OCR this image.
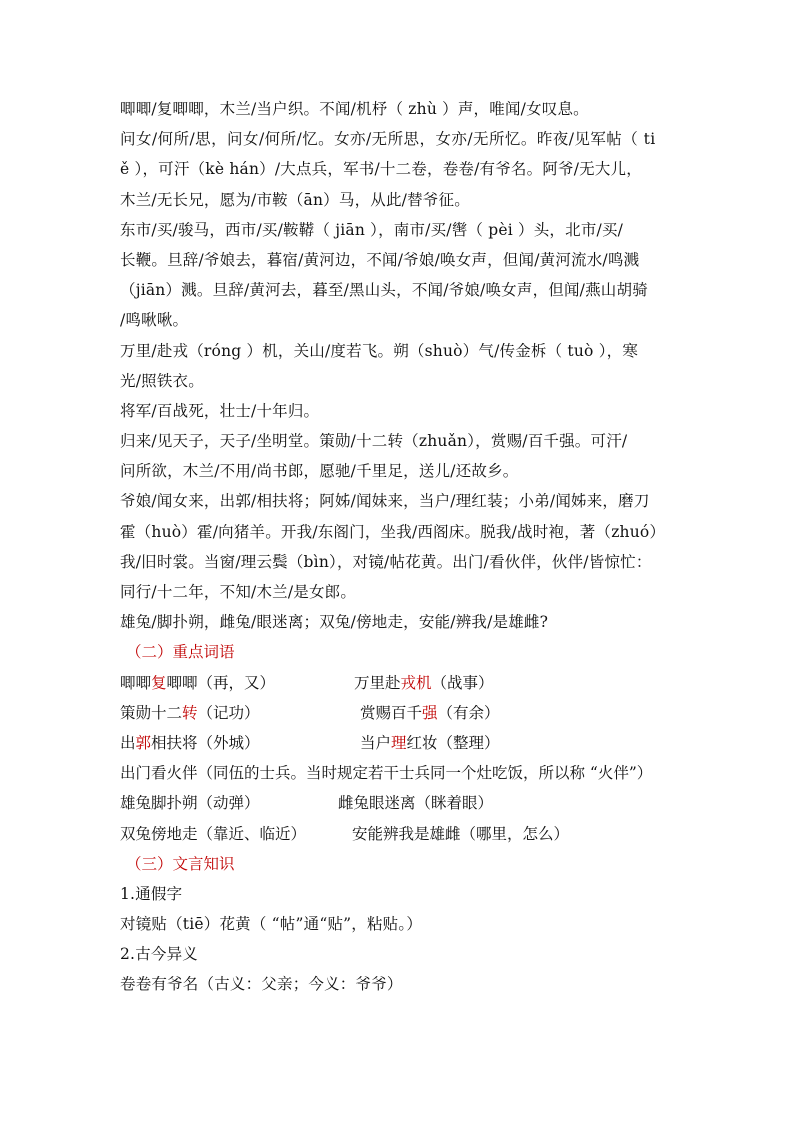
唧唧/复唧唧，木兰/当户织。不闻/机杼（ zhù ）声，唯闻/女叹息。
问女/何所/思，问女/何所/忆。女亦/无所思，女亦/无所忆。昨夜/见军帖（ ti
ě ），可汗（kè hán）/大点兵，军书/十二卷，卷卷/有爷名。阿爷/无大儿，
木兰/无长兄，愿为/市鞍（ān）马，从此/替爷征。
东市/买/骏马，西市/买/鞍鞯（ jiān ），南市/买/辔（ pèi ）头，北市/买/
长鞭。旦辞/爷娘去，暮宿/黄河边，不闻/爷娘/唤女声，但闻/黄河流水/鸣溅
（jiān）溅。旦辞/黄河去，暮至/黑山头，不闻/爷娘/唤女声，但闻/燕山胡骑
/鸣啾啾。
万里/赴戎（róng ）机，关山/度若飞。朔（shuò）气/传金柝（ tuò ），寒
光/照铁衣。
将军/百战死，壮士/十年归。
归来/见天子，天子/坐明堂。策勋/十二转（zhuǎn），赏赐/百千强。可汗/
问所欲，木兰/不用/尚书郎，愿驰/千里足，送儿/还故乡。
爷娘/闻女来，出郭/相扶将；阿姊/闻妹来，当户/理红装；小弟/闻姊来，磨刀
霍（huò）霍/向猪羊。开我/东阁门，坐我/西阁床。脱我/战时袍，著（zhuó）
我/旧时裳。当窗/理云鬓（bìn），对镜/帖花黄。出门/看伙伴，伙伴/皆惊忙：
同行/十二年，不知/木兰/是女郎。
雄兔/脚扑朔，雌兔/眼迷离；双兔/傍地走，安能/辨我/是雄雌?
（二）重点词语
唧唧复唧唧（再，又）	万里赴戎机（战事）
策勋十二转（记功）	赏赐百千强（有余）
出郭相扶将（外城）	当户理红妆（整理）
出门看火伴（同伍的士兵。当时规定若干士兵同一个灶吃饭，所以称 “火伴”）
雄兔脚扑朔（动弹）	雌兔眼迷离（眯着眼）
双兔傍地走（靠近、临近）	安能辨我是雄雌（哪里，怎么）
（三）文言知识
1.通假字
对镜贴（tiē）花黄（ “帖”通“贴”，粘贴。）
2.古今异义
卷卷有爷名（古义：父亲；今义：爷爷）
